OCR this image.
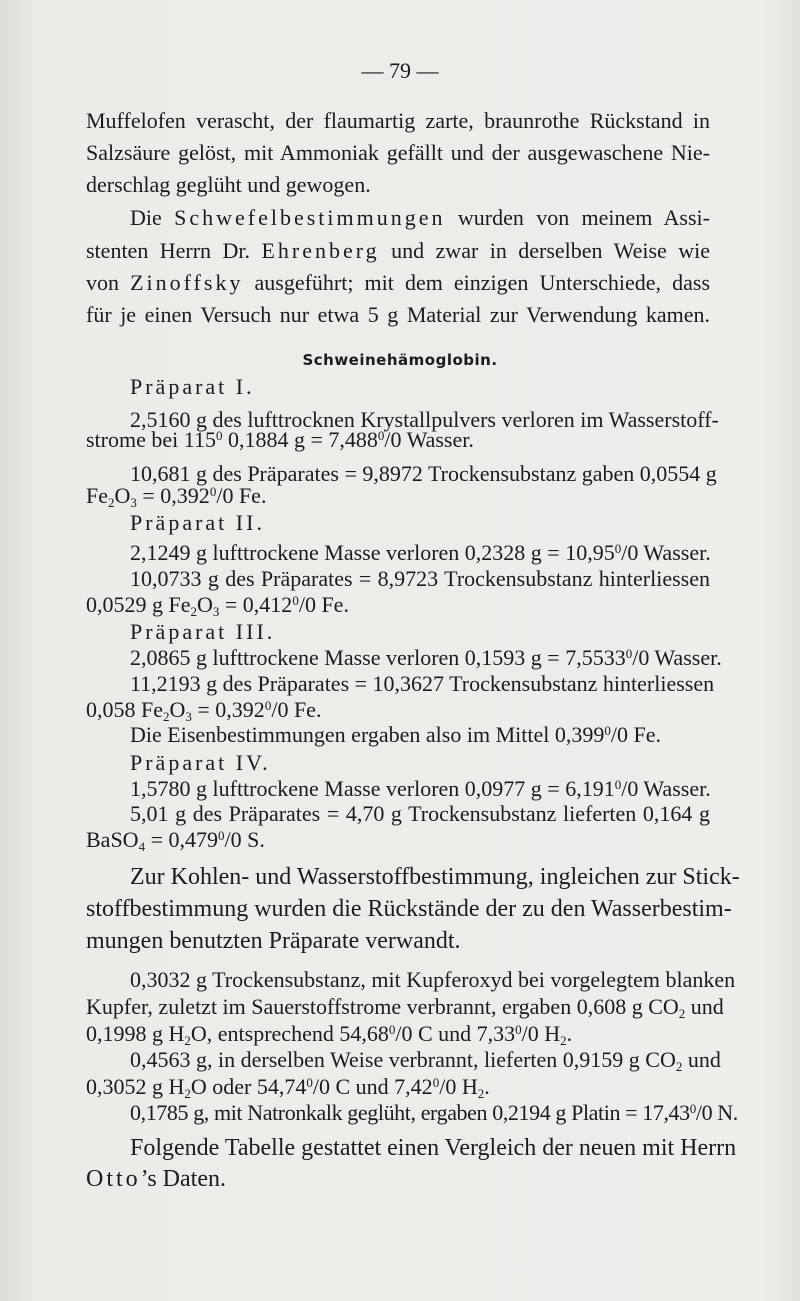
— 79 —
Muffelofen verascht, der flaumartig zarte, braunrothe Rückstand in
Salzsäure gelöst, mit Ammoniak gefällt und der ausgewaschene Nie-
derschlag geglüht und gewogen.
Die Schwefelbestimmungen wurden von meinem Assi-
stenten Herrn Dr. Ehrenberg und zwar in derselben Weise wie
von Zinoffsky ausgeführt; mit dem einzigen Unterschiede, dass
für je einen Versuch nur etwa 5 g Material zur Verwendung kamen.
Schweinehämoglobin.
Präparat I.
2,5160 g des lufttrocknen Krystallpulvers verloren im Wasserstoff-
strome bei $115^0$ 0,1884 $g = 7,488^0/0$ Wasser.
10,681 g des Präparates = 9,8972 Trockensubstanz gaben 0,0554 g
$Fe_2O_3 = 0,392^0/0$ Fe.
Präparat II.
2,1249 g lufttrockene Masse verloren 0,2328 $g = 10,95^0/0$ Wasser.
10,0733 g des Präparates = 8,9723 Trockensubstanz hinterliessen
0,0529 g $Fe_2O_3 = 0,412^0/0$ Fe.
Präparat III.
2,0865 g lufttrockene Masse verloren 0,1593 $g = 7,5533^0/0$ Wasser.
11,2193 g des Präparates = 10,3627 Trockensubstanz hinterliessen
0,058 $Fe_2O_3 = 0,392^0/0$ Fe.
Die Eisenbestimmungen ergaben also im Mittel 0,399$^0$/0 Fe.
Präparat IV.
1,5780 g lufttrockene Masse verloren 0,0977 $g = 6,191^0/0$ Wasser.
5,01 g des Präparates = 4,70 g Trockensubstanz lieferten 0,164 g
BaSO$_4$ = $0,479^0/0$ S.
Zur Kohlen- und Wasserstoffbestimmung, ingleichen zur Stick-
stoffbestimmung wurden die Rückstände der zu den Wasserbestim-
mungen benutzten Präparate verwandt.
0,3032 g Trockensubstanz, mit Kupferoxyd bei vorgelegtem blanken
Kupfer, zuletzt im Sauerstoffstrome verbrannt, ergaben 0,608 g $CO_2$ und
0,1998 g $H_2O$, entsprechend 54,68$^0$/0 C und 7,33$^0$/0 $H_2$.
0,4563 g, in derselben Weise verbrannt, lieferten 0,9159 g $CO_2$ und
0,3052 g $H_2O$ oder 54,74$^0$/0 C und 7,42$^0$/0 $H_2$.
0,1785 g, mit Natronkalk geglüht, ergaben 0,2194 g Platin = $17,43^0/0$ N.
Folgende Tabelle gestattet einen Vergleich der neuen mit Herrn
Otto’s Daten.
